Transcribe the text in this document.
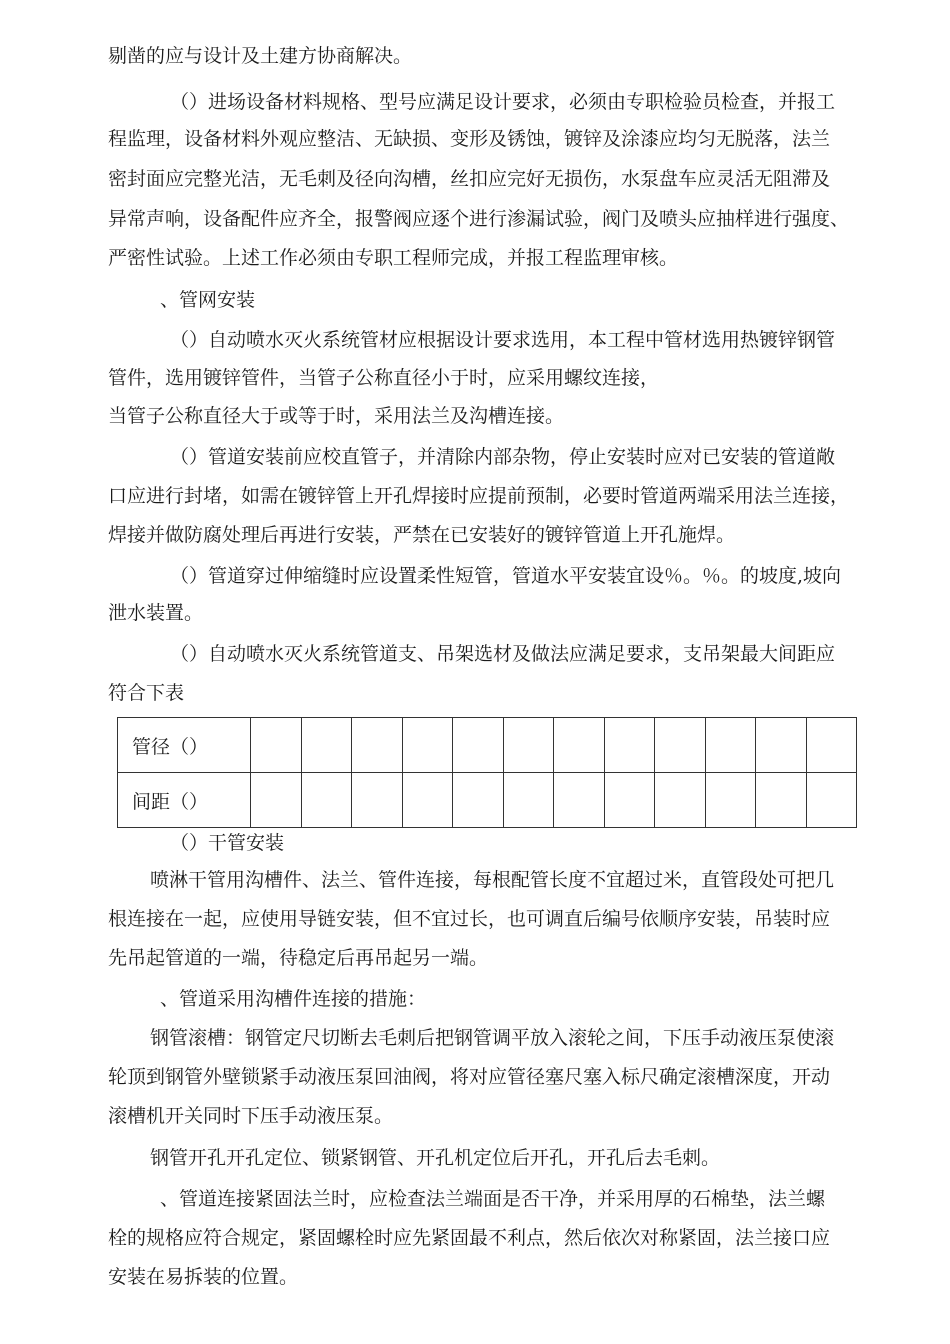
剔凿的应与设计及土建方协商解决。
（）进场设备材料规格、型号应满足设计要求，必须由专职检验员检查，并报工
程监理，设备材料外观应整洁、无缺损、变形及锈蚀，镀锌及涂漆应均匀无脱落，法兰
密封面应完整光洁，无毛刺及径向沟槽，丝扣应完好无损伤，水泵盘车应灵活无阻滞及
异常声响，设备配件应齐全，报警阀应逐个进行渗漏试验，阀门及喷头应抽样进行强度、
严密性试验。上述工作必须由专职工程师完成，并报工程监理审核。
、管网安装
（）自动喷水灭火系统管材应根据设计要求选用，本工程中管材选用热镀锌钢管
管件，选用镀锌管件，当管子公称直径小于时，应采用螺纹连接，
当管子公称直径大于或等于时，采用法兰及沟槽连接。
（）管道安装前应校直管子，并清除内部杂物，停止安装时应对已安装的管道敞
口应进行封堵，如需在镀锌管上开孔焊接时应提前预制，必要时管道两端采用法兰连接，
焊接并做防腐处理后再进行安装，严禁在已安装好的镀锌管道上开孔施焊。
（）管道穿过伸缩缝时应设置柔性短管，管道水平安装宜设％。％。的坡度,坡向
泄水装置。
（）自动喷水灭火系统管道支、吊架选材及做法应满足要求，支吊架最大间距应
符合下表
管径（）												
间距（）												
（）干管安装
喷淋干管用沟槽件、法兰、管件连接，每根配管长度不宜超过米，直管段处可把几
根连接在一起，应使用导链安装，但不宜过长，也可调直后编号依顺序安装，吊装时应
先吊起管道的一端，待稳定后再吊起另一端。
、管道采用沟槽件连接的措施：
钢管滚槽：钢管定尺切断去毛刺后把钢管调平放入滚轮之间，下压手动液压泵使滚
轮顶到钢管外壁锁紧手动液压泵回油阀，将对应管径塞尺塞入标尺确定滚槽深度，开动
滚槽机开关同时下压手动液压泵。
钢管开孔开孔定位、锁紧钢管、开孔机定位后开孔，开孔后去毛刺。
、管道连接紧固法兰时，应检查法兰端面是否干净，并采用厚的石棉垫，法兰螺
栓的规格应符合规定，紧固螺栓时应先紧固最不利点，然后依次对称紧固，法兰接口应
安装在易拆装的位置。
